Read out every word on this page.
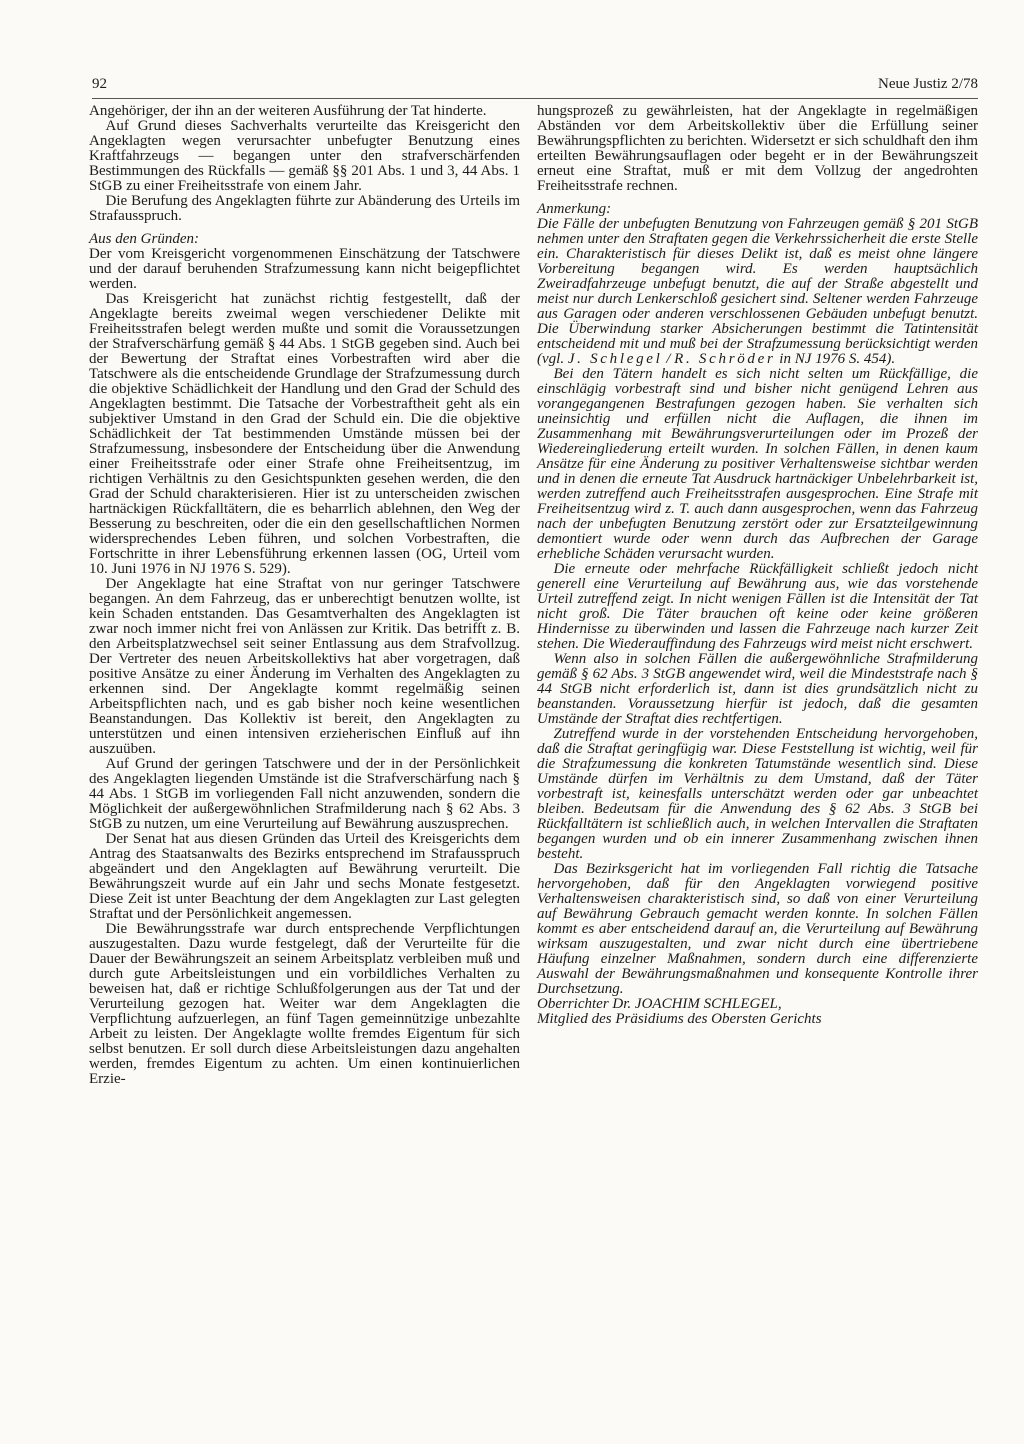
92	Neue Justiz 2/78

Angehöriger, der ihn an der weiteren Ausführung der Tat hinderte.

Auf Grund dieses Sachverhalts verurteilte das Kreisgericht den Angeklagten wegen verursachter unbefugter Benutzung eines Kraftfahrzeugs — begangen unter den strafverschärfenden Bestimmungen des Rückfalls — gemäß §§ 201 Abs. 1 und 3, 44 Abs. 1 StGB zu einer Freiheitsstrafe von einem Jahr.

Die Berufung des Angeklagten führte zur Abänderung des Urteils im Strafausspruch.

Aus den Gründen:

Der vom Kreisgericht vorgenommenen Einschätzung der Tatschwere und der darauf beruhenden Strafzumessung kann nicht beigepflichtet werden.

Das Kreisgericht hat zunächst richtig festgestellt, daß der Angeklagte bereits zweimal wegen verschiedener Delikte mit Freiheitsstrafen belegt werden mußte und somit die Voraussetzungen der Strafverschärfung gemäß § 44 Abs. 1 StGB gegeben sind. Auch bei der Bewertung der Straftat eines Vorbestraften wird aber die Tatschwere als die entscheidende Grundlage der Strafzumessung durch die objektive Schädlichkeit der Handlung und den Grad der Schuld des Angeklagten bestimmt. Die Tatsache der Vorbestraftheit geht als ein subjektiver Umstand in den Grad der Schuld ein. Die die objektive Schädlichkeit der Tat bestimmenden Umstände müssen bei der Strafzumessung, insbesondere der Entscheidung über die Anwendung einer Freiheitsstrafe oder einer Strafe ohne Freiheitsentzug, im richtigen Verhältnis zu den Gesichtspunkten gesehen werden, die den Grad der Schuld charakterisieren. Hier ist zu unterscheiden zwischen hartnäckigen Rückfalltätern, die es beharrlich ablehnen, den Weg der Besserung zu beschreiten, oder die ein den gesellschaftlichen Normen widersprechendes Leben führen, und solchen Vorbestraften, die Fortschritte in ihrer Lebensführung erkennen lassen (OG, Urteil vom 10. Juni 1976 in NJ 1976 S. 529).

Der Angeklagte hat eine Straftat von nur geringer Tatschwere begangen. An dem Fahrzeug, das er unberechtigt benutzen wollte, ist kein Schaden entstanden. Das Gesamtverhalten des Angeklagten ist zwar noch immer nicht frei von Anlässen zur Kritik. Das betrifft z. B. den Arbeitsplatzwechsel seit seiner Entlassung aus dem Strafvollzug. Der Vertreter des neuen Arbeitskollektivs hat aber vorgetragen, daß positive Ansätze zu einer Änderung im Verhalten des Angeklagten zu erkennen sind. Der Angeklagte kommt regelmäßig seinen Arbeitspflichten nach, und es gab bisher noch keine wesentlichen Beanstandungen. Das Kollektiv ist bereit, den Angeklagten zu unterstützen und einen intensiven erzieherischen Einfluß auf ihn auszuüben.

Auf Grund der geringen Tatschwere und der in der Persönlichkeit des Angeklagten liegenden Umstände ist die Strafverschärfung nach § 44 Abs. 1 StGB im vorliegenden Fall nicht anzuwenden, sondern die Möglichkeit der außergewöhnlichen Strafmilderung nach § 62 Abs. 3 StGB zu nutzen, um eine Verurteilung auf Bewährung auszusprechen.

Der Senat hat aus diesen Gründen das Urteil des Kreisgerichts dem Antrag des Staatsanwalts des Bezirks entsprechend im Strafausspruch abgeändert und den Angeklagten auf Bewährung verurteilt. Die Bewährungszeit wurde auf ein Jahr und sechs Monate festgesetzt. Diese Zeit ist unter Beachtung der dem Angeklagten zur Last gelegten Straftat und der Persönlichkeit angemessen.

Die Bewährungsstrafe war durch entsprechende Verpflichtungen auszugestalten. Dazu wurde festgelegt, daß der Verurteilte für die Dauer der Bewährungszeit an seinem Arbeitsplatz verbleiben muß und durch gute Arbeitsleistungen und ein vorbildliches Verhalten zu beweisen hat, daß er richtige Schlußfolgerungen aus der Tat und der Verurteilung gezogen hat. Weiter war dem Angeklagten die Verpflichtung aufzuerlegen, an fünf Tagen gemeinnützige unbezahlte Arbeit zu leisten. Der Angeklagte wollte fremdes Eigentum für sich selbst benutzen. Er soll durch diese Arbeitsleistungen dazu angehalten werden, fremdes Eigentum zu achten. Um einen kontinuierlichen Erzie-

hungsprozeß zu gewährleisten, hat der Angeklagte in regelmäßigen Abständen vor dem Arbeitskollektiv über die Erfüllung seiner Bewährungspflichten zu berichten. Widersetzt er sich schuldhaft den ihm erteilten Bewährungsauflagen oder begeht er in der Bewährungszeit erneut eine Straftat, muß er mit dem Vollzug der angedrohten Freiheitsstrafe rechnen.

Anmerkung:

Die Fälle der unbefugten Benutzung von Fahrzeugen gemäß § 201 StGB nehmen unter den Straftaten gegen die Verkehrssicherheit die erste Stelle ein. Charakteristisch für dieses Delikt ist, daß es meist ohne längere Vorbereitung begangen wird. Es werden hauptsächlich Zweiradfahrzeuge unbefugt benutzt, die auf der Straße abgestellt und meist nur durch Lenkerschloß gesichert sind. Seltener werden Fahrzeuge aus Garagen oder anderen verschlossenen Gebäuden unbefugt benutzt. Die Überwindung starker Absicherungen bestimmt die Tatintensität entscheidend mit und muß bei der Strafzumessung berücksichtigt werden (vgl. J. Schlegel / R. Schröder in NJ 1976 S. 454).

Bei den Tätern handelt es sich nicht selten um Rückfällige, die einschlägig vorbestraft sind und bisher nicht genügend Lehren aus vorangegangenen Bestrafungen gezogen haben. Sie verhalten sich uneinsichtig und erfüllen nicht die Auflagen, die ihnen im Zusammenhang mit Bewährungsverurteilungen oder im Prozeß der Wiedereingliederung erteilt wurden. In solchen Fällen, in denen kaum Ansätze für eine Änderung zu positiver Verhaltensweise sichtbar werden und in denen die erneute Tat Ausdruck hartnäckiger Unbelehrbarkeit ist, werden zutreffend auch Freiheitsstrafen ausgesprochen. Eine Strafe mit Freiheitsentzug wird z. T. auch dann ausgesprochen, wenn das Fahrzeug nach der unbefugten Benutzung zerstört oder zur Ersatzteilgewinnung demontiert wurde oder wenn durch das Aufbrechen der Garage erhebliche Schäden verursacht wurden.

Die erneute oder mehrfache Rückfälligkeit schließt jedoch nicht generell eine Verurteilung auf Bewährung aus, wie das vorstehende Urteil zutreffend zeigt. In nicht wenigen Fällen ist die Intensität der Tat nicht groß. Die Täter brauchen oft keine oder keine größeren Hindernisse zu überwinden und lassen die Fahrzeuge nach kurzer Zeit stehen. Die Wiederauffindung des Fahrzeugs wird meist nicht erschwert.

Wenn also in solchen Fällen die außergewöhnliche Strafmilderung gemäß § 62 Abs. 3 StGB angewendet wird, weil die Mindeststrafe nach § 44 StGB nicht erforderlich ist, dann ist dies grundsätzlich nicht zu beanstanden. Voraussetzung hierfür ist jedoch, daß die gesamten Umstände der Straftat dies rechtfertigen.

Zutreffend wurde in der vorstehenden Entscheidung hervorgehoben, daß die Straftat geringfügig war. Diese Feststellung ist wichtig, weil für die Strafzumessung die konkreten Tatumstände wesentlich sind. Diese Umstände dürfen im Verhältnis zu dem Umstand, daß der Täter vorbestraft ist, keinesfalls unterschätzt werden oder gar unbeachtet bleiben. Bedeutsam für die Anwendung des § 62 Abs. 3 StGB bei Rückfalltätern ist schließlich auch, in welchen Intervallen die Straftaten begangen wurden und ob ein innerer Zusammenhang zwischen ihnen besteht.

Das Bezirksgericht hat im vorliegenden Fall richtig die Tatsache hervorgehoben, daß für den Angeklagten vorwiegend positive Verhaltensweisen charakteristisch sind, so daß von einer Verurteilung auf Bewährung Gebrauch gemacht werden konnte. In solchen Fällen kommt es aber entscheidend darauf an, die Verurteilung auf Bewährung wirksam auszugestalten, und zwar nicht durch eine übertriebene Häufung einzelner Maßnahmen, sondern durch eine differenzierte Auswahl der Bewährungsmaßnahmen und konsequente Kontrolle ihrer Durchsetzung.

Oberrichter Dr. JOACHIM SCHLEGEL,

Mitglied des Präsidiums des Obersten Gerichts
